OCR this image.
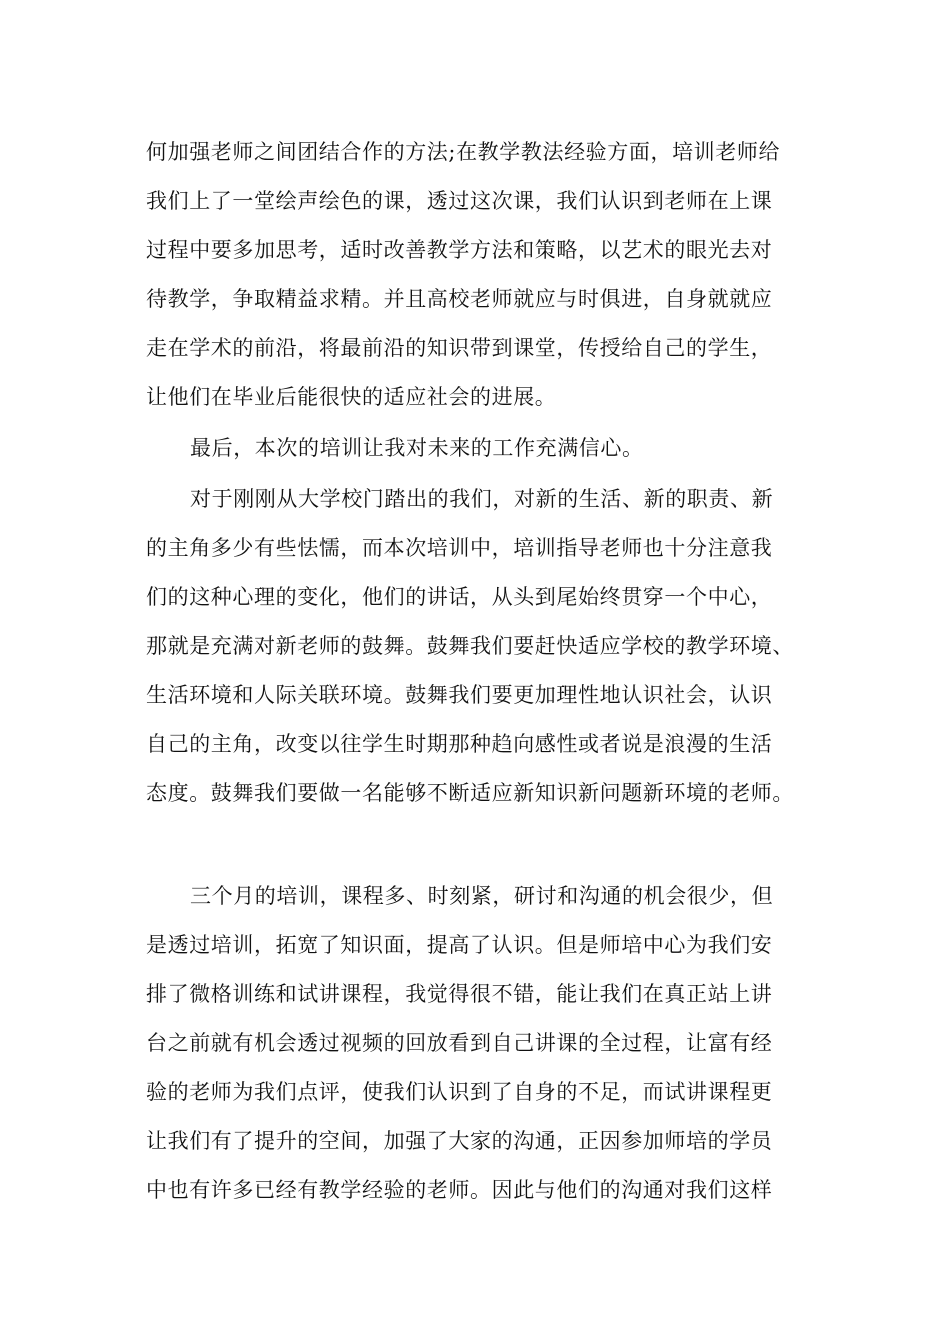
何加强老师之间团结合作的方法;在教学教法经验方面，培训老师给
我们上了一堂绘声绘色的课，透过这次课，我们认识到老师在上课
过程中要多加思考，适时改善教学方法和策略，以艺术的眼光去对
待教学，争取精益求精。并且高校老师就应与时俱进，自身就就应
走在学术的前沿，将最前沿的知识带到课堂，传授给自己的学生，
让他们在毕业后能很快的适应社会的进展。
最后，本次的培训让我对未来的工作充满信心。
对于刚刚从大学校门踏出的我们，对新的生活、新的职责、新
的主角多少有些怯懦，而本次培训中，培训指导老师也十分注意我
们的这种心理的变化，他们的讲话，从头到尾始终贯穿一个中心，
那就是充满对新老师的鼓舞。鼓舞我们要赶快适应学校的教学环境、
生活环境和人际关联环境。鼓舞我们要更加理性地认识社会，认识
自己的主角，改变以往学生时期那种趋向感性或者说是浪漫的生活
态度。鼓舞我们要做一名能够不断适应新知识新问题新环境的老师。
三个月的培训，课程多、时刻紧，研讨和沟通的机会很少，但
是透过培训，拓宽了知识面，提高了认识。但是师培中心为我们安
排了微格训练和试讲课程，我觉得很不错，能让我们在真正站上讲
台之前就有机会透过视频的回放看到自己讲课的全过程，让富有经
验的老师为我们点评，使我们认识到了自身的不足，而试讲课程更
让我们有了提升的空间，加强了大家的沟通，正因参加师培的学员
中也有许多已经有教学经验的老师。因此与他们的沟通对我们这样
